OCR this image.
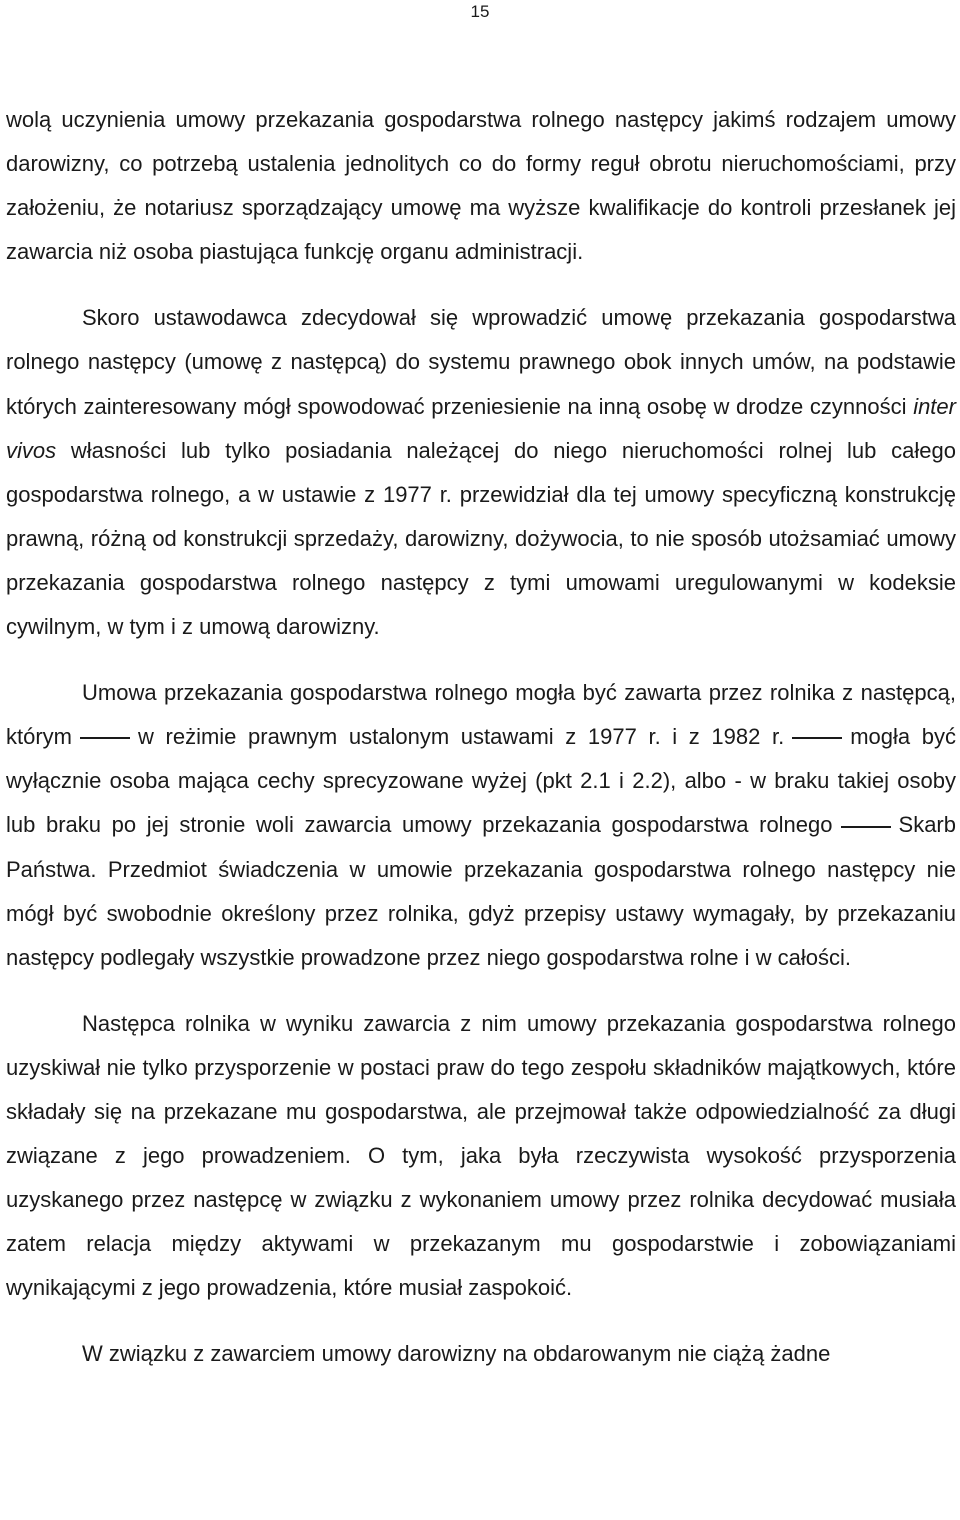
15

wolą uczynienia umowy przekazania gospodarstwa rolnego następcy jakimś rodzajem umowy darowizny, co potrzebą ustalenia jednolitych co do formy reguł obrotu nieruchomościami, przy założeniu, że notariusz sporządzający umowę ma wyższe kwalifikacje do kontroli przesłanek jej zawarcia niż osoba piastująca funkcję organu administracji.

Skoro ustawodawca zdecydował się wprowadzić umowę przekazania gospodarstwa rolnego następcy (umowę z następcą) do systemu prawnego obok innych umów, na podstawie których zainteresowany mógł spowodować przeniesienie na inną osobę w drodze czynności inter vivos własności lub tylko posiadania należącej do niego nieruchomości rolnej lub całego gospodarstwa rolnego, a w ustawie z 1977 r. przewidział dla tej umowy specyficzną konstrukcję prawną, różną od konstrukcji sprzedaży, darowizny, dożywocia, to nie sposób utożsamiać umowy przekazania gospodarstwa rolnego następcy z tymi umowami uregulowanymi w kodeksie cywilnym, w tym i z umową darowizny.

Umowa przekazania gospodarstwa rolnego mogła być zawarta przez rolnika z następcą, którym	w reżimie prawnym ustalonym ustawami z 1977 r. i z 1982 r.	mogła być wyłącznie osoba mająca cechy sprecyzowane wyżej (pkt 2.1 i 2.2), albo - w braku takiej osoby lub braku po jej stronie woli zawarcia umowy przekazania gospodarstwa rolnego	Skarb Państwa. Przedmiot świadczenia w umowie przekazania gospodarstwa rolnego następcy nie mógł być swobodnie określony przez rolnika, gdyż przepisy ustawy wymagały, by przekazaniu następcy podlegały wszystkie prowadzone przez niego gospodarstwa rolne i w całości.

Następca rolnika w wyniku zawarcia z nim umowy przekazania gospodarstwa rolnego uzyskiwał nie tylko przysporzenie w postaci praw do tego zespołu składników majątkowych, które składały się na przekazane mu gospodarstwa, ale przejmował także odpowiedzialność za długi związane z jego prowadzeniem. O tym, jaka była rzeczywista wysokość przysporzenia uzyskanego przez następcę w związku z wykonaniem umowy przez rolnika decydować musiała zatem relacja między aktywami w przekazanym mu gospodarstwie i zobowiązaniami wynikającymi z jego prowadzenia, które musiał zaspokoić.

W związku z zawarciem umowy darowizny na obdarowanym nie ciążą żadne
